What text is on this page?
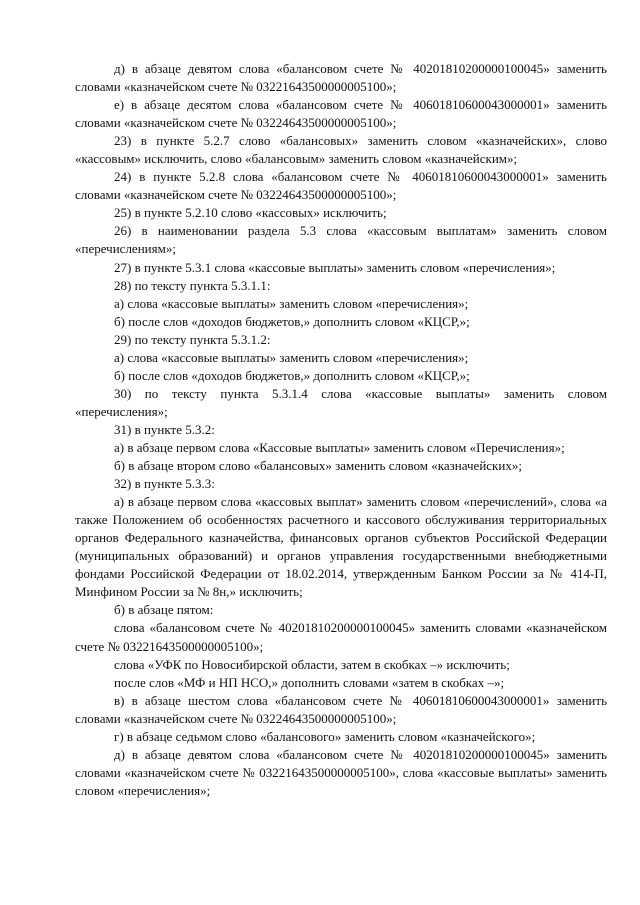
д) в абзаце девятом слова «балансовом счете № 40201810200000100045» заменить словами «казначейском счете № 03221643500000005100»;

е) в абзаце десятом слова «балансовом счете № 40601810600043000001» заменить словами «казначейском счете № 03224643500000005100»;

23) в пункте 5.2.7 слово «балансовых» заменить словом «казначейских», слово «кассовым» исключить, слово «балансовым» заменить словом «казначейским»;

24) в пункте 5.2.8 слова «балансовом счете № 40601810600043000001» заменить словами «казначейском счете № 03224643500000005100»;

25) в пункте 5.2.10 слово «кассовых» исключить;

26) в наименовании раздела 5.3 слова «кассовым выплатам» заменить словом «перечислениям»;

27) в пункте 5.3.1 слова «кассовые выплаты» заменить словом «перечисления»;

28) по тексту пункта 5.3.1.1:

а) слова «кассовые выплаты» заменить словом «перечисления»;

б) после слов «доходов бюджетов,» дополнить словом «КЦСР,»;

29) по тексту пункта 5.3.1.2:

а) слова «кассовые выплаты» заменить словом «перечисления»;

б) после слов «доходов бюджетов,» дополнить словом «КЦСР,»;

30) по тексту пункта 5.3.1.4 слова «кассовые выплаты» заменить словом «перечисления»;

31) в пункте 5.3.2:

а) в абзаце первом слова «Кассовые выплаты» заменить словом «Перечисления»;

б) в абзаце втором слово «балансовых» заменить словом «казначейских»;

32) в пункте 5.3.3:

а) в абзаце первом слова «кассовых выплат» заменить словом «перечислений», слова «а также Положением об особенностях расчетного и кассового обслуживания территориальных органов Федерального казначейства, финансовых органов субъектов Российской Федерации (муниципальных образований) и органов управления государственными внебюджетными фондами Российской Федерации от 18.02.2014, утвержденным Банком России за № 414-П, Минфином России за № 8н,» исключить;

б) в абзаце пятом:

слова «балансовом счете № 40201810200000100045» заменить словами «казначейском счете № 03221643500000005100»;

слова «УФК по Новосибирской области, затем в скобках –» исключить;

после слов «МФ и НП НСО,» дополнить словами «затем в скобках –»;

в) в абзаце шестом слова «балансовом счете № 40601810600043000001» заменить словами «казначейском счете № 03224643500000005100»;

г) в абзаце седьмом слово «балансового» заменить словом «казначейского»;

д) в абзаце девятом слова «балансовом счете № 40201810200000100045» заменить словами «казначейском счете № 03221643500000005100», слова «кассовые выплаты» заменить словом «перечисления»;
